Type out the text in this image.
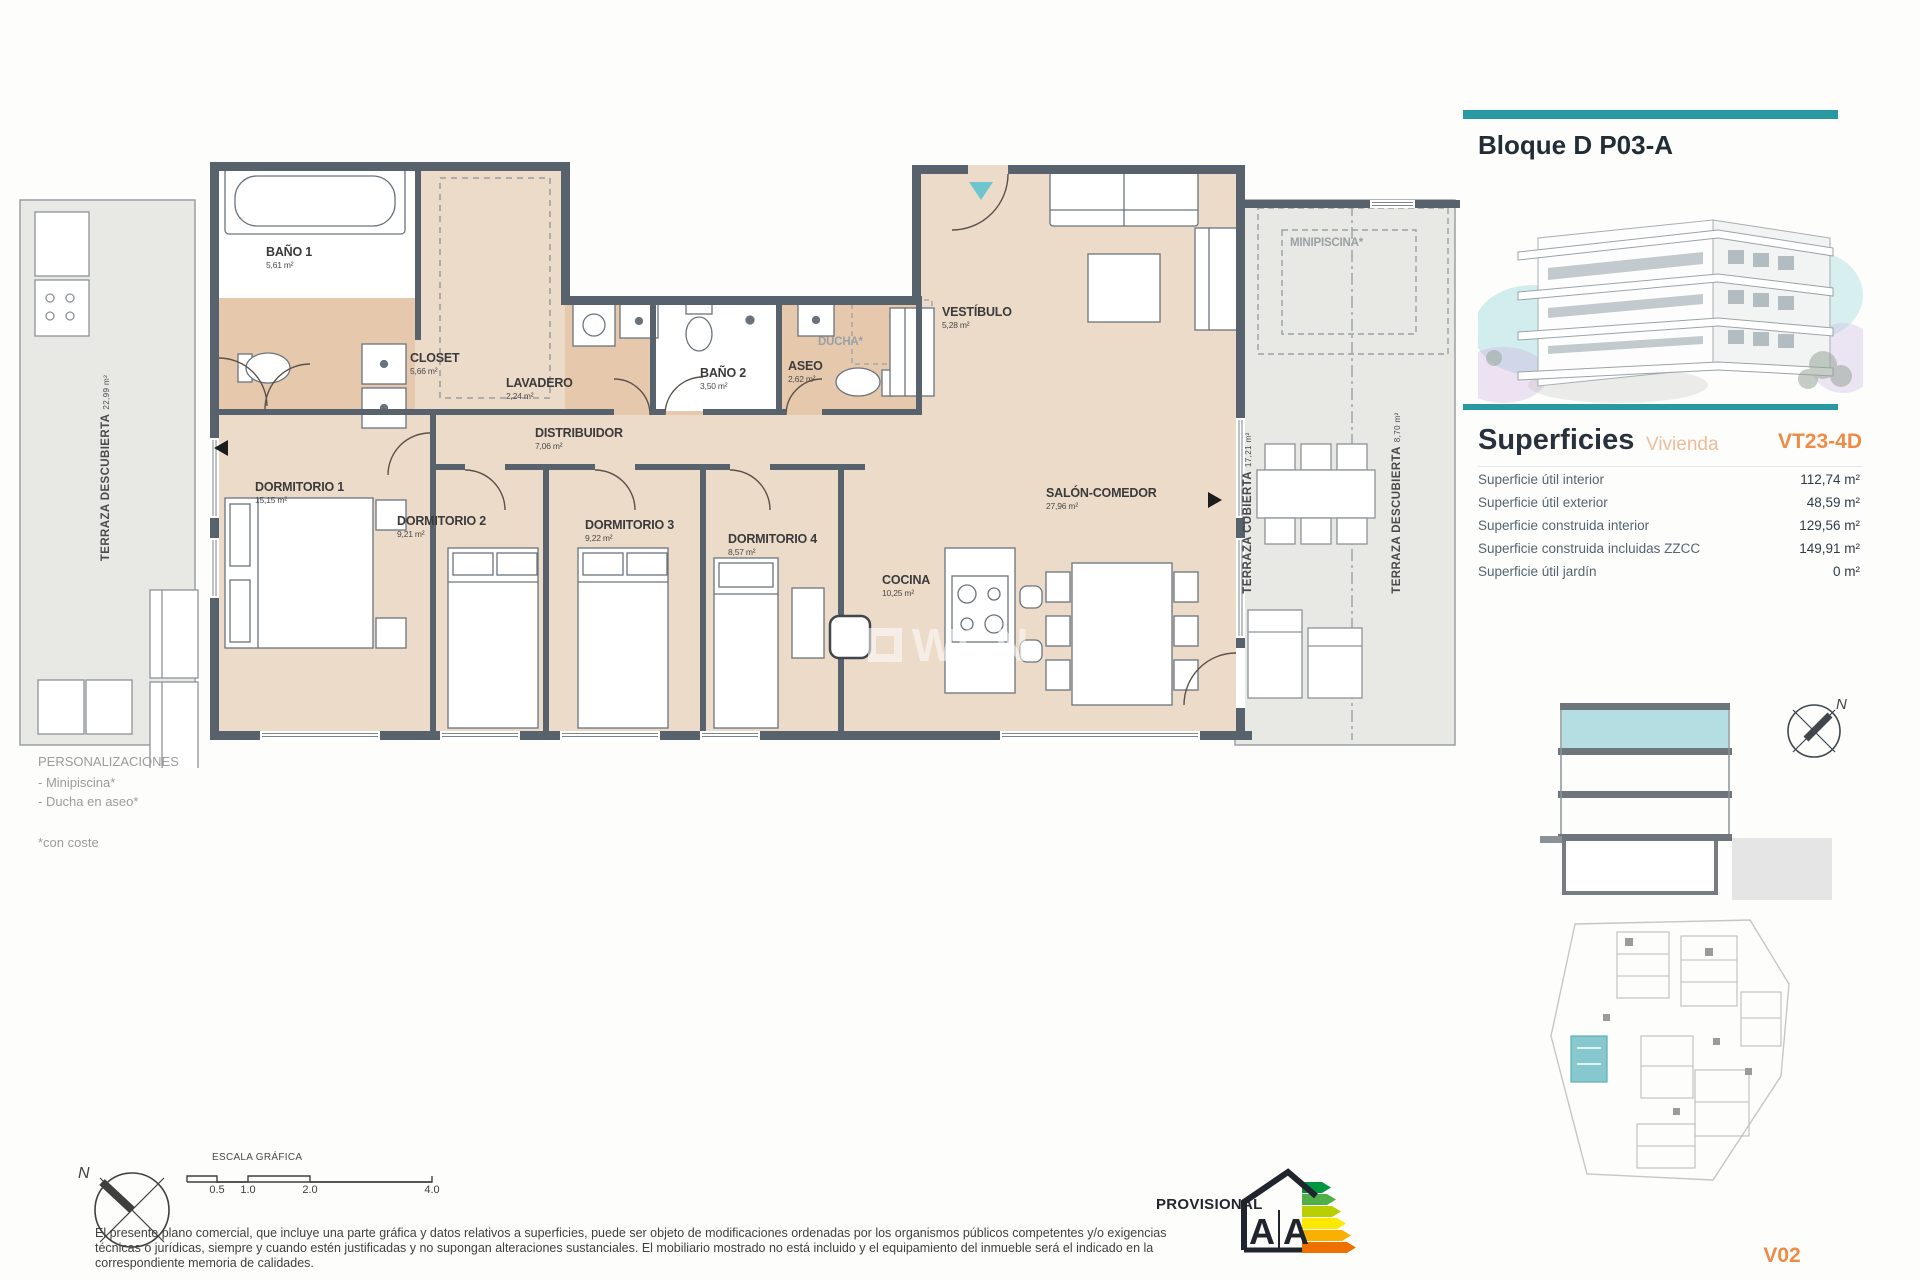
WGN
TERRAZA DESCUBIERTA22,99 m²
BAÑO 1
5,61 m²
CLOSET
5,66 m²
LAVADERO
2,24 m²
BAÑO 2
3,50 m²
ASEO
2,62 m²
DUCHA*
VESTÍBULO
5,28 m²
DISTRIBUIDOR
7,06 m²
DORMITORIO 1
15,15 m²
DORMITORIO 2
9,21 m²
DORMITORIO 3
9,22 m²	DORMITORIO 4
8,57 m²
COCINA
10,25 m²
SALÓN-COMEDOR
27,96 m²	TERRAZA CUBIERTA17,21 m²	TERRAZA DESCUBIERTA8,70 m²
MINIPISCINA*
Bloque D P03-A
Superficies Vivienda	VT23-4D
Superficie útil interior	112,74 m²
Superficie útil exterior	48,59 m²
Superficie construida interior	129,56 m²
Superficie construida incluidas ZZCC	149,91 m²
Superficie útil jardín	0 m²
N
V02
PERSONALIZACIONES
- Minipiscina*
- Ducha en aseo*
*con coste
N
ESCALA GRÁFICA
0.5 1.0	2.0	4.0
El presente plano comercial, que incluye una parte gráfica y datos relativos a superficies, puede ser objeto de modificaciones ordenadas por los organismos públicos competentes y/o exigencias
técnicas o jurídicas, siempre y cuando estén justificadas y no supongan alteraciones sustanciales. El mobiliario mostrado no está incluido y el equipamiento del inmueble será el indicado en la
correspondiente memoria de calidades.
PROVISIONAL
A A
